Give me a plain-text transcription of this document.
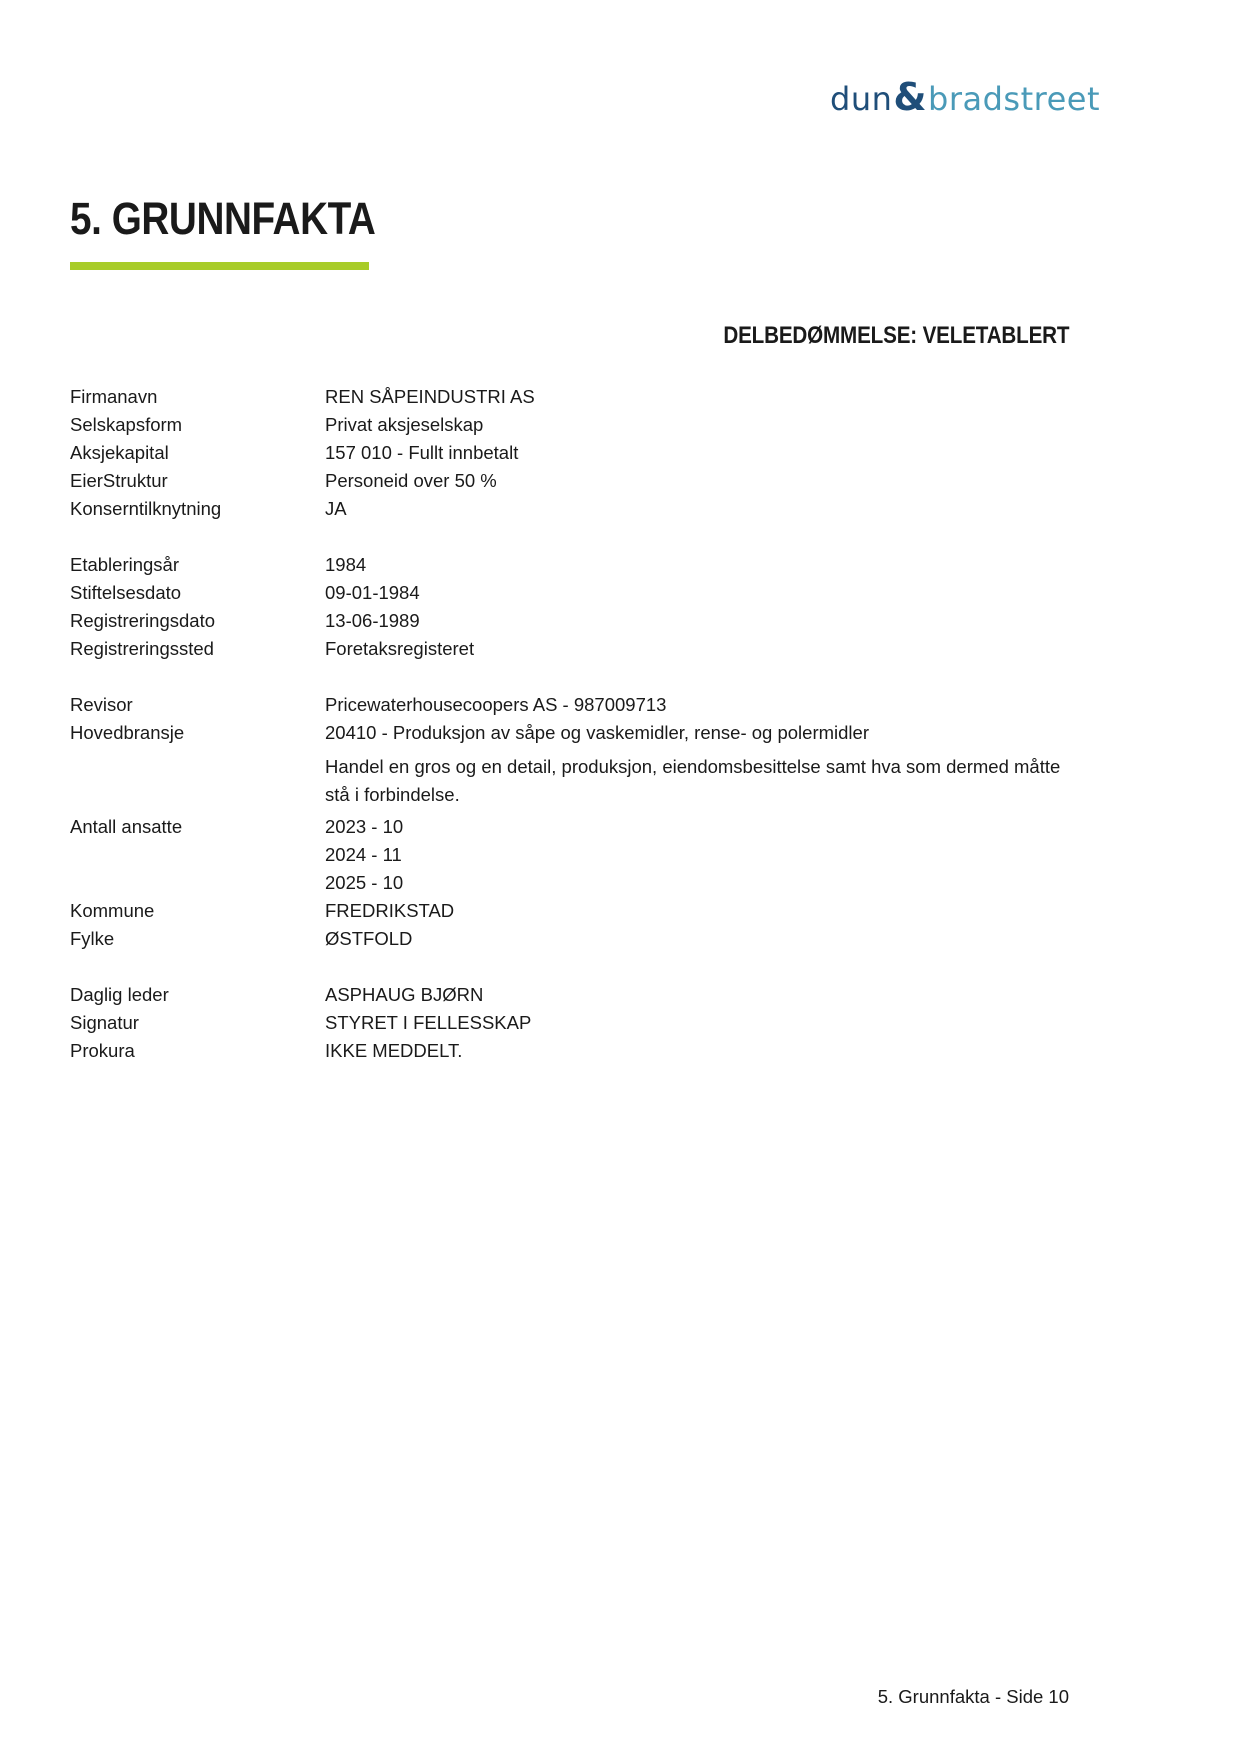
dun&bradstreet
5. GRUNNFAKTA
DELBEDØMMELSE: VELETABLERT
Firmanavn	REN SÅPEINDUSTRI AS
Selskapsform	Privat aksjeselskap
Aksjekapital	157 010 - Fullt innbetalt
EierStruktur	Personeid over 50 %
Konserntilknytning	JA
Etableringsår	1984
Stiftelsesdato	09-01-1984
Registreringsdato	13-06-1989
Registreringssted	Foretaksregisteret
Revisor	Pricewaterhousecoopers AS - 987009713
Hovedbransje	20410 - Produksjon av såpe og vaskemidler, rense- og polermidler
Handel en gros og en detail, produksjon, eiendomsbesittelse samt hva som dermed måtte stå i forbindelse.
Antall ansatte	2023 - 10
2024 - 11
2025 - 10
Kommune	FREDRIKSTAD
Fylke	ØSTFOLD
Daglig leder	ASPHAUG BJØRN
Signatur	STYRET I FELLESSKAP
Prokura	IKKE MEDDELT.
5. Grunnfakta - Side 10
